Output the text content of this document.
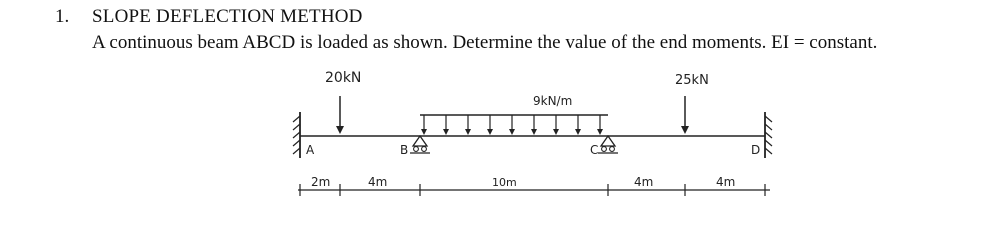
1. SLOPE DEFLECTION METHOD
A continuous beam ABCD is loaded as shown. Determine the value of the end moments. EI = constant.
20kN	25kN
9kN/m
A	B	C	D
2m	4m	10m	4m	4m
